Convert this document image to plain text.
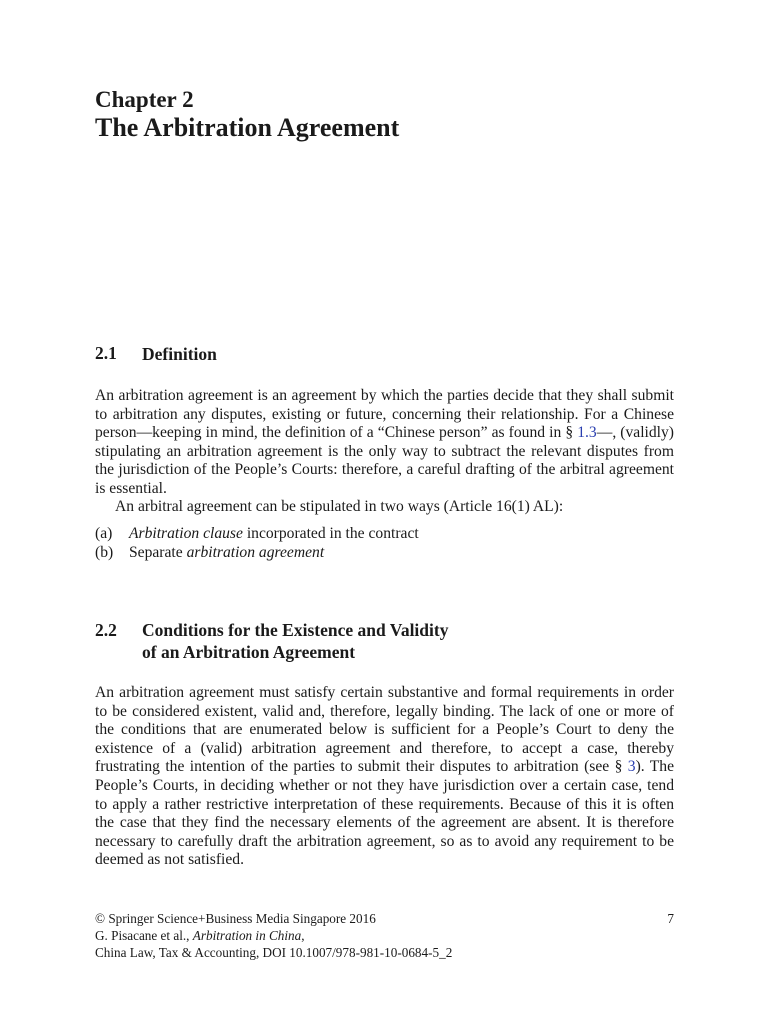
Chapter 2
The Arbitration Agreement
2.1 Definition
An arbitration agreement is an agreement by which the parties decide that they shall submit to arbitration any disputes, existing or future, concerning their relationship. For a Chinese person—keeping in mind, the definition of a “Chinese person” as found in § 1.3—, (validly) stipulating an arbitration agreement is the only way to subtract the relevant disputes from the jurisdiction of the People’s Courts: therefore, a careful drafting of the arbitral agreement is essential.
An arbitral agreement can be stipulated in two ways (Article 16(1) AL):
(a) Arbitration clause incorporated in the contract
(b) Separate arbitration agreement
2.2 Conditions for the Existence and Validity
of an Arbitration Agreement
An arbitration agreement must satisfy certain substantive and formal requirements in order to be considered existent, valid and, therefore, legally binding. The lack of one or more of the conditions that are enumerated below is sufficient for a People’s Court to deny the existence of a (valid) arbitration agreement and therefore, to accept a case, thereby frustrating the intention of the parties to submit their disputes to arbitration (see § 3). The People’s Courts, in deciding whether or not they have jurisdiction over a certain case, tend to apply a rather restrictive interpretation of these requirements. Because of this it is often the case that they find the necessary elements of the agreement are absent. It is therefore necessary to carefully draft the arbitration agreement, so as to avoid any requirement to be deemed as not satisfied.
© Springer Science+Business Media Singapore 2016	7
G. Pisacane et al., Arbitration in China,
China Law, Tax & Accounting, DOI 10.1007/978-981-10-0684-5_2
